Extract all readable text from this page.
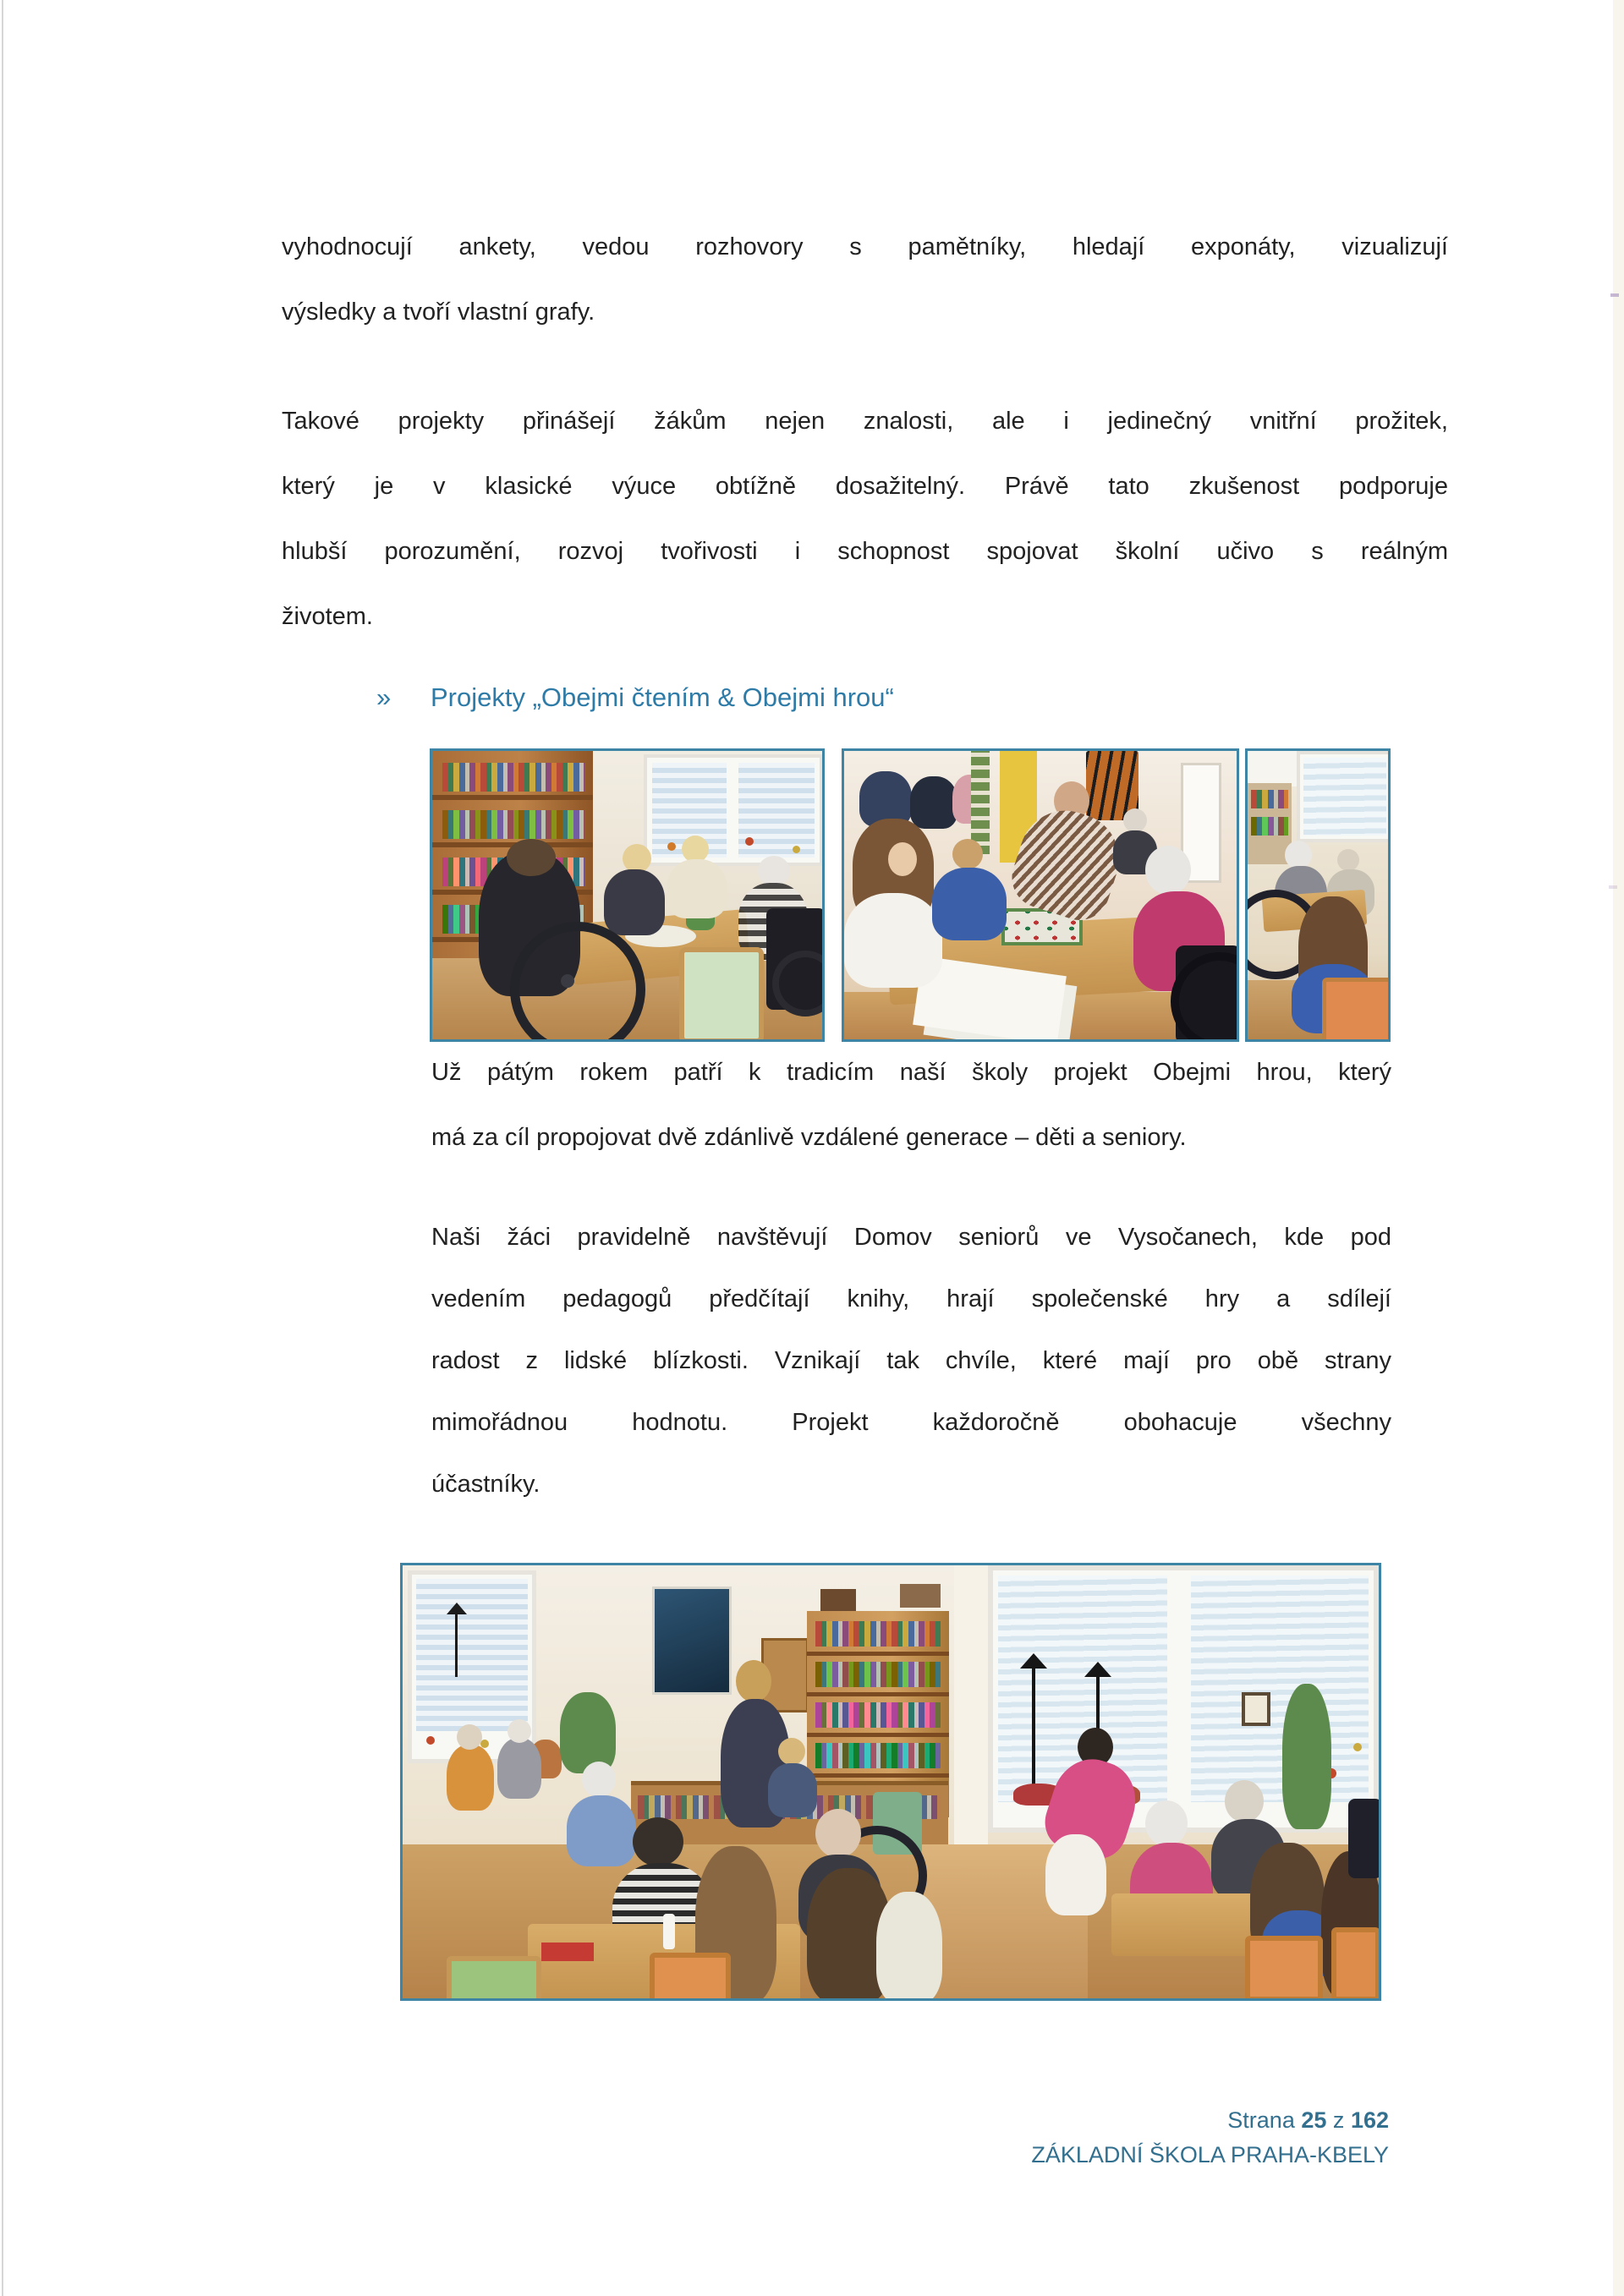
vyhodnocují ankety, vedou rozhovory s pamětníky, hledají exponáty, vizualizují
výsledky a tvoří vlastní grafy.
Takové projekty přinášejí žákům nejen znalosti, ale i jedinečný vnitřní prožitek,
který je v klasické výuce obtížně dosažitelný. Právě tato zkušenost podporuje
hlubší porozumění, rozvoj tvořivosti i schopnost spojovat školní učivo s reálným
životem.
»	Projekty „Obejmi čtením & Obejmi hrou“
Už pátým rokem patří k tradicím naší školy projekt Obejmi hrou, který
má za cíl propojovat dvě zdánlivě vzdálené generace – děti a seniory.
Naši žáci pravidelně navštěvují Domov seniorů ve Vysočanech, kde pod
vedením pedagogů předčítají knihy, hrají společenské hry a sdílejí
radost z lidské blízkosti. Vznikají tak chvíle, které mají pro obě strany
mimořádnou hodnotu. Projekt každoročně obohacuje všechny
účastníky.
Strana 25 z 162
ZÁKLADNÍ ŠKOLA PRAHA-KBELY
